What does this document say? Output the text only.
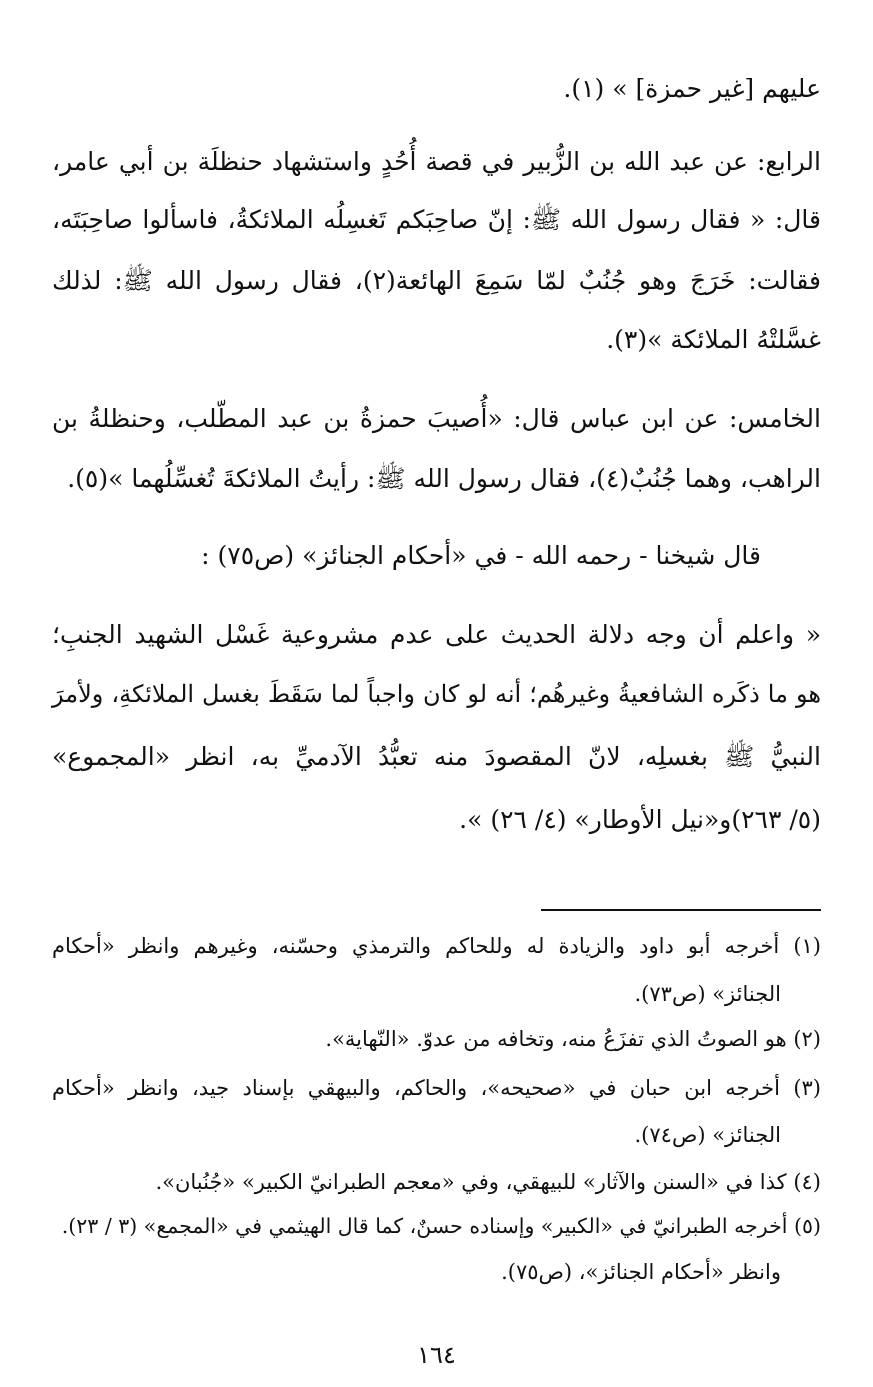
عليهم [غير حمزة] » (١).
الرابع: عن عبد الله بن الزُّبير في قصة أُحُدٍ واستشهاد حنظلَة بن أبي عامر،
قال: « فقال رسول الله ﷺ: إنّ صاحِبَكم تَغسِلُه الملائكةُ، فاسألوا صاحِبَتَه،
فقالت: خَرَجَ وهو جُنُبٌ لمّا سَمِعَ الهائعة(٢)، فقال رسول الله ﷺ: لذلك
غسَّلتْهُ الملائكة »(٣).
الخامس: عن ابن عباس قال: «أُصيبَ حمزةُ بن عبد المطّلب، وحنظلةُ بن
الراهب، وهما جُنُبٌ(٤)، فقال رسول الله ﷺ: رأيتُ الملائكةَ تُغسِّلُهما »(٥).
قال شيخنا - رحمه الله - في «أحكام الجنائز» (ص٧٥) :
« واعلم أن وجه دلالة الحديث على عدم مشروعية غَسْل الشهيد الجنبِ؛
هو ما ذكَره الشافعيةُ وغيرهُم؛ أنه لو كان واجباً لما سَقَطَ بغسل الملائكةِ، ولأمرَ
النبيُّ ﷺ بغسلِه، لانّ المقصودَ منه تعبُّدُ الآدميِّ به، انظر «المجموع»
(٥/ ٢٦٣)و«نيل الأوطار» (٤/ ٢٦) ».
(١) أخرجه أبو داود والزيادة له وللحاكم والترمذي وحسّنه، وغيرهم وانظر «أحكام
الجنائز» (ص٧٣).
(٢) هو الصوتُ الذي تفزَعُ منه، وتخافه من عدوّ. «النّهاية».
(٣) أخرجه ابن حبان في «صحيحه»، والحاكم، والبيهقي بإسناد جيد، وانظر «أحكام
الجنائز» (ص٧٤).
(٤) كذا في «السنن والآثار» للبيهقي، وفي «معجم الطبرانيّ الكبير» «جُنُبان».
(٥) أخرجه الطبرانيّ في «الكبير» وإسناده حسنٌ، كما قال الهيثمي في «المجمع» (٣ / ٢٣).
وانظر «أحكام الجنائز»، (ص٧٥).
١٦٤
